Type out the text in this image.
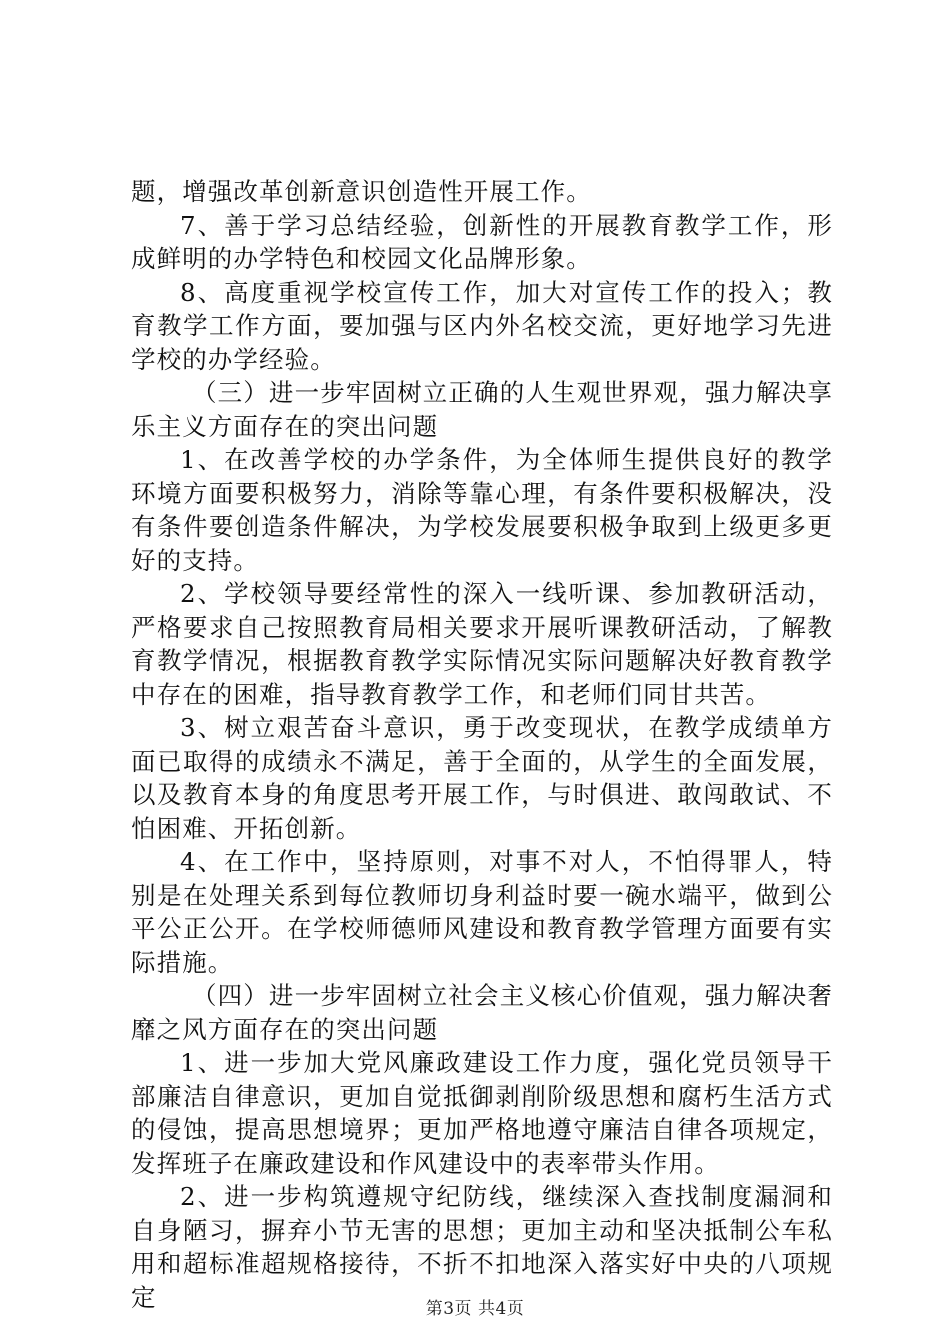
题，增强改革创新意识创造性开展工作。

7、善于学习总结经验，创新性的开展教育教学工作，形成鲜明的办学特色和校园文化品牌形象。

8、高度重视学校宣传工作，加大对宣传工作的投入；教育教学工作方面，要加强与区内外名校交流，更好地学习先进学校的办学经验。

（三）进一步牢固树立正确的人生观世界观，强力解决享乐主义方面存在的突出问题

1、在改善学校的办学条件，为全体师生提供良好的教学环境方面要积极努力，消除等靠心理，有条件要积极解决，没有条件要创造条件解决，为学校发展要积极争取到上级更多更好的支持。

2、学校领导要经常性的深入一线听课、参加教研活动，严格要求自己按照教育局相关要求开展听课教研活动，了解教育教学情况，根据教育教学实际情况实际问题解决好教育教学中存在的困难，指导教育教学工作，和老师们同甘共苦。

3、树立艰苦奋斗意识，勇于改变现状，在教学成绩单方面已取得的成绩永不满足，善于全面的，从学生的全面发展，以及教育本身的角度思考开展工作，与时俱进、敢闯敢试、不怕困难、开拓创新。

4、在工作中，坚持原则，对事不对人，不怕得罪人，特别是在处理关系到每位教师切身利益时要一碗水端平，做到公平公正公开。在学校师德师风建设和教育教学管理方面要有实际措施。

（四）进一步牢固树立社会主义核心价值观，强力解决奢靡之风方面存在的突出问题

1、进一步加大党风廉政建设工作力度，强化党员领导干部廉洁自律意识，更加自觉抵御剥削阶级思想和腐朽生活方式的侵蚀，提高思想境界；更加严格地遵守廉洁自律各项规定，发挥班子在廉政建设和作风建设中的表率带头作用。

2、进一步构筑遵规守纪防线，继续深入查找制度漏洞和自身陋习，摒弃小节无害的思想；更加主动和坚决抵制公车私用和超标准超规格接待，不折不扣地深入落实好中央的八项规定	第3页 共4页
